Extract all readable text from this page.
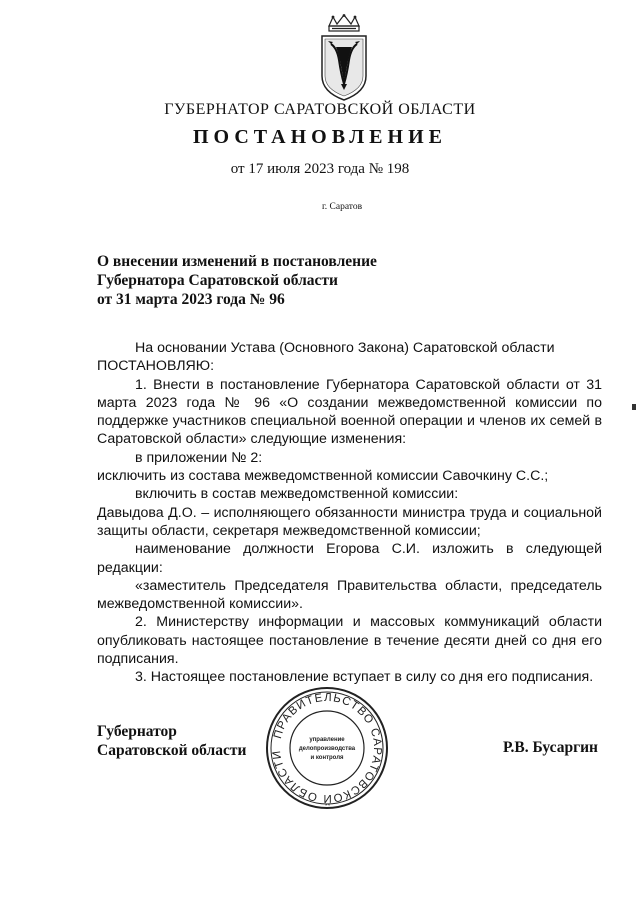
ГУБЕРНАТОР САРАТОВСКОЙ ОБЛАСТИ
ПОСТАНОВЛЕНИЕ
от 17 июля 2023 года № 198
г. Саратов
О внесении изменений в постановление
Губернатора Саратовской области
от 31 марта 2023 года № 96

На основании Устава (Основного Закона) Саратовской области

ПОСТАНОВЛЯЮ:

1. Внести в постановление Губернатора Саратовской области от 31 марта 2023 года № 96 «О создании межведомственной комиссии по поддержке участников специальной военной операции и членов их семей в Саратовской области» следующие изменения:

в приложении № 2:

исключить из состава межведомственной комиссии Савочкину С.С.;

включить в состав межведомственной комиссии:

Давыдова Д.О. – исполняющего обязанности министра труда и социальной защиты области, секретаря межведомственной комиссии;

наименование должности Егорова С.И. изложить в следующей редакции:

«заместитель Председателя Правительства области, председатель межведомственной комиссии».

2. Министерству информации и массовых коммуникаций области опубликовать настоящее постановление в течение десяти дней со дня его подписания.

3. Настоящее постановление вступает в силу со дня его подписания.

Губернатор
Саратовской области
ПРАВИТЕЛЬСТВО САРАТОВСКОЙ ОБЛАСТИ
управление
делопроизводства
и контроля
Р.В. Бусаргин
